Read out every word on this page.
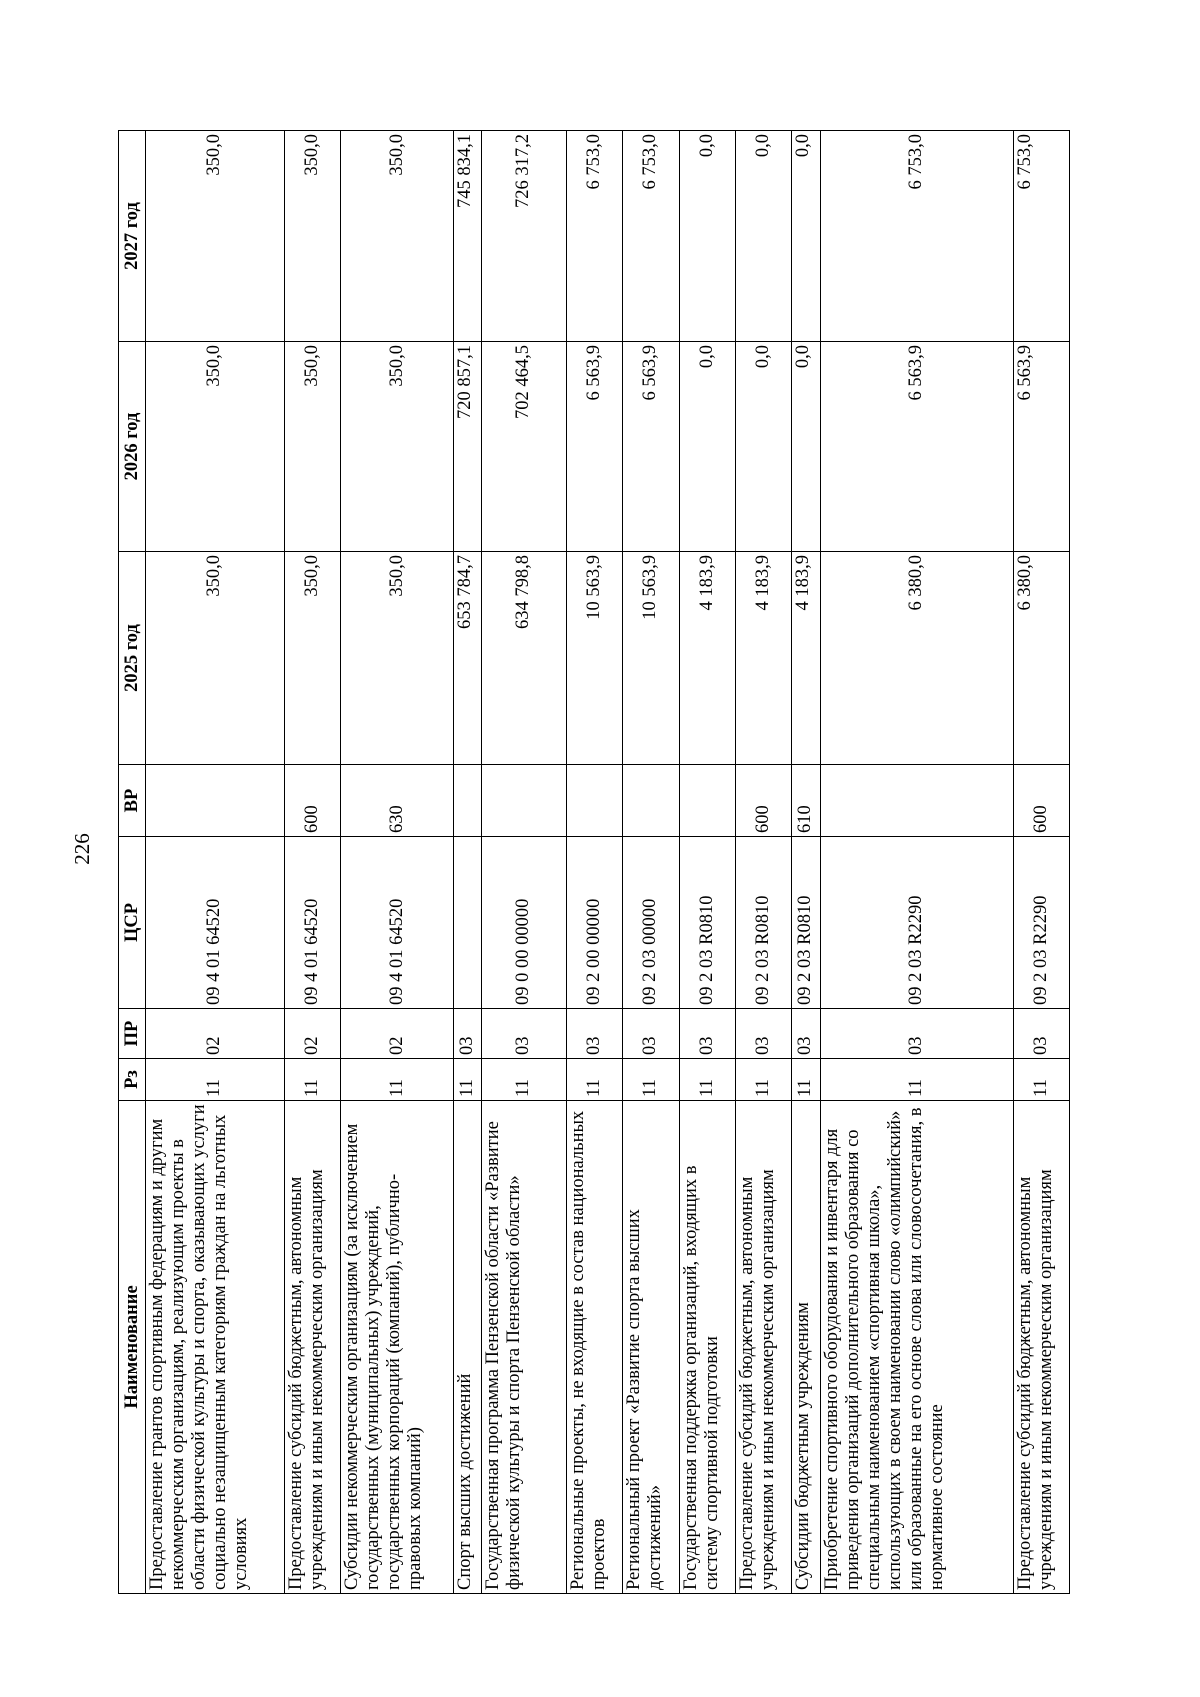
226
Наименование	Рз	ПР	ЦСР	ВР	2025 год	2026 год	2027 год
Предоставление грантов спортивным федерациям и другим некоммерческим организациям, реализующим проекты в области физической культуры и спорта, оказывающих услуги социально незащищенным категориям граждан на льготных условиях	11	02	09 4 01 64520		350,0	350,0	350,0
Предоставление субсидий бюджетным, автономным учреждениям и иным некоммерческим организациям	11	02	09 4 01 64520	600	350,0	350,0	350,0
Субсидии некоммерческим организациям (за исключением государственных (муниципальных) учреждений, государственных корпораций (компаний), публично-правовых компаний)	11	02	09 4 01 64520	630	350,0	350,0	350,0
Спорт высших достижений	11	03			653 784,7	720 857,1	745 834,1
Государственная программа Пензенской области «Развитие физической культуры и спорта Пензенской области»	11	03	09 0 00 00000		634 798,8	702 464,5	726 317,2
Региональные проекты, не входящие в состав национальных проектов	11	03	09 2 00 00000		10 563,9	6 563,9	6 753,0
Региональный проект «Развитие спорта высших достижений»	11	03	09 2 03 00000		10 563,9	6 563,9	6 753,0
Государственная поддержка организаций, входящих в систему спортивной подготовки	11	03	09 2 03 R0810		4 183,9	0,0	0,0
Предоставление субсидий бюджетным, автономным учреждениям и иным некоммерческим организациям	11	03	09 2 03 R0810	600	4 183,9	0,0	0,0
Субсидии бюджетным учреждениям	11	03	09 2 03 R0810	610	4 183,9	0,0	0,0
Приобретение спортивного оборудования и инвентаря для приведения организаций дополнительного образования со специальным наименованием «спортивная школа», использующих в своем наименовании слово «олимпийский» или образованные на его основе слова или словосочетания, в нормативное состояние	11	03	09 2 03 R2290		6 380,0	6 563,9	6 753,0
Предоставление субсидий бюджетным, автономным учреждениям и иным некоммерческим организациям	11	03	09 2 03 R2290	600	6 380,0	6 563,9	6 753,0
